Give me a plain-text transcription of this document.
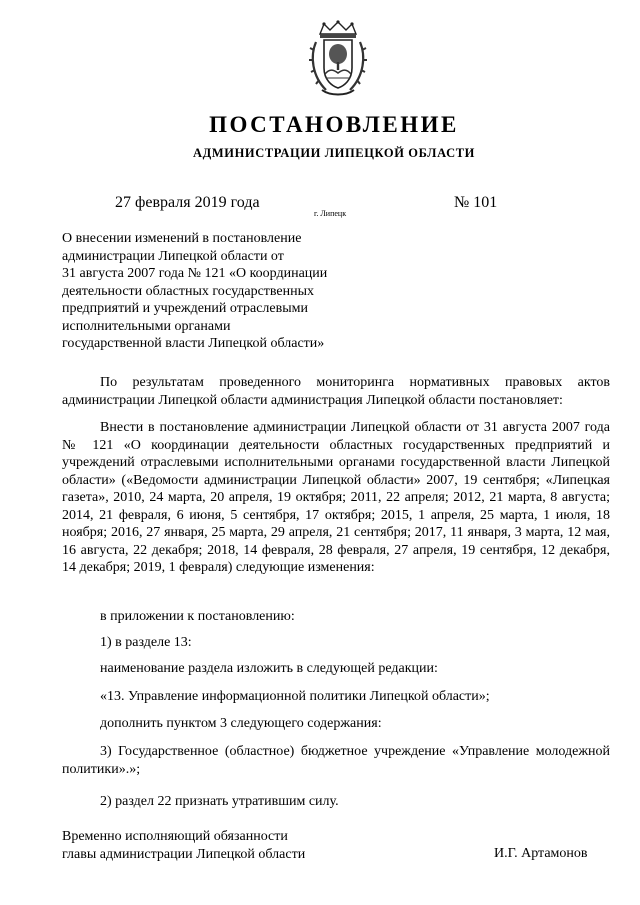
ПОСТАНОВЛЕНИЕ
АДМИНИСТРАЦИИ ЛИПЕЦКОЙ ОБЛАСТИ
27 февраля 2019 года
г. Липецк
№ 101
О внесении изменений в постановление
администрации Липецкой области от
31 августа 2007 года № 121 «О координации
деятельности областных государственных
предприятий и учреждений отраслевыми
исполнительными органами
государственной власти Липецкой области»
По результатам проведенного мониторинга нормативных правовых актов администрации Липецкой области администрация Липецкой области постановляет:
Внести в постановление администрации Липецкой области от 31 августа 2007 года № 121 «О координации деятельности областных государственных предприятий и учреждений отраслевыми исполнительными органами государственной власти Липецкой области» («Ведомости администрации Липецкой области» 2007, 19 сентября; «Липецкая газета», 2010, 24 марта, 20 апреля, 19 октября; 2011, 22 апреля; 2012, 21 марта, 8 августа; 2014, 21 февраля, 6 июня, 5 сентября, 17 октября; 2015, 1 апреля, 25 марта, 1 июля, 18 ноября; 2016, 27 января, 25 марта, 29 апреля, 21 сентября; 2017, 11 января, 3 марта, 12 мая, 16 августа, 22 декабря; 2018, 14 февраля, 28 февраля, 27 апреля, 19 сентября, 12 декабря, 14 декабря; 2019, 1 февраля) следующие изменения:
в приложении к постановлению:
1) в разделе 13:
наименование раздела изложить в следующей редакции:
«13. Управление информационной политики Липецкой области»;
дополнить пунктом 3 следующего содержания:
3) Государственное (областное) бюджетное учреждение «Управление молодежной политики».»;
2) раздел 22 признать утратившим силу.
Временно исполняющий обязанности
главы администрации Липецкой области	И.Г. Артамонов
